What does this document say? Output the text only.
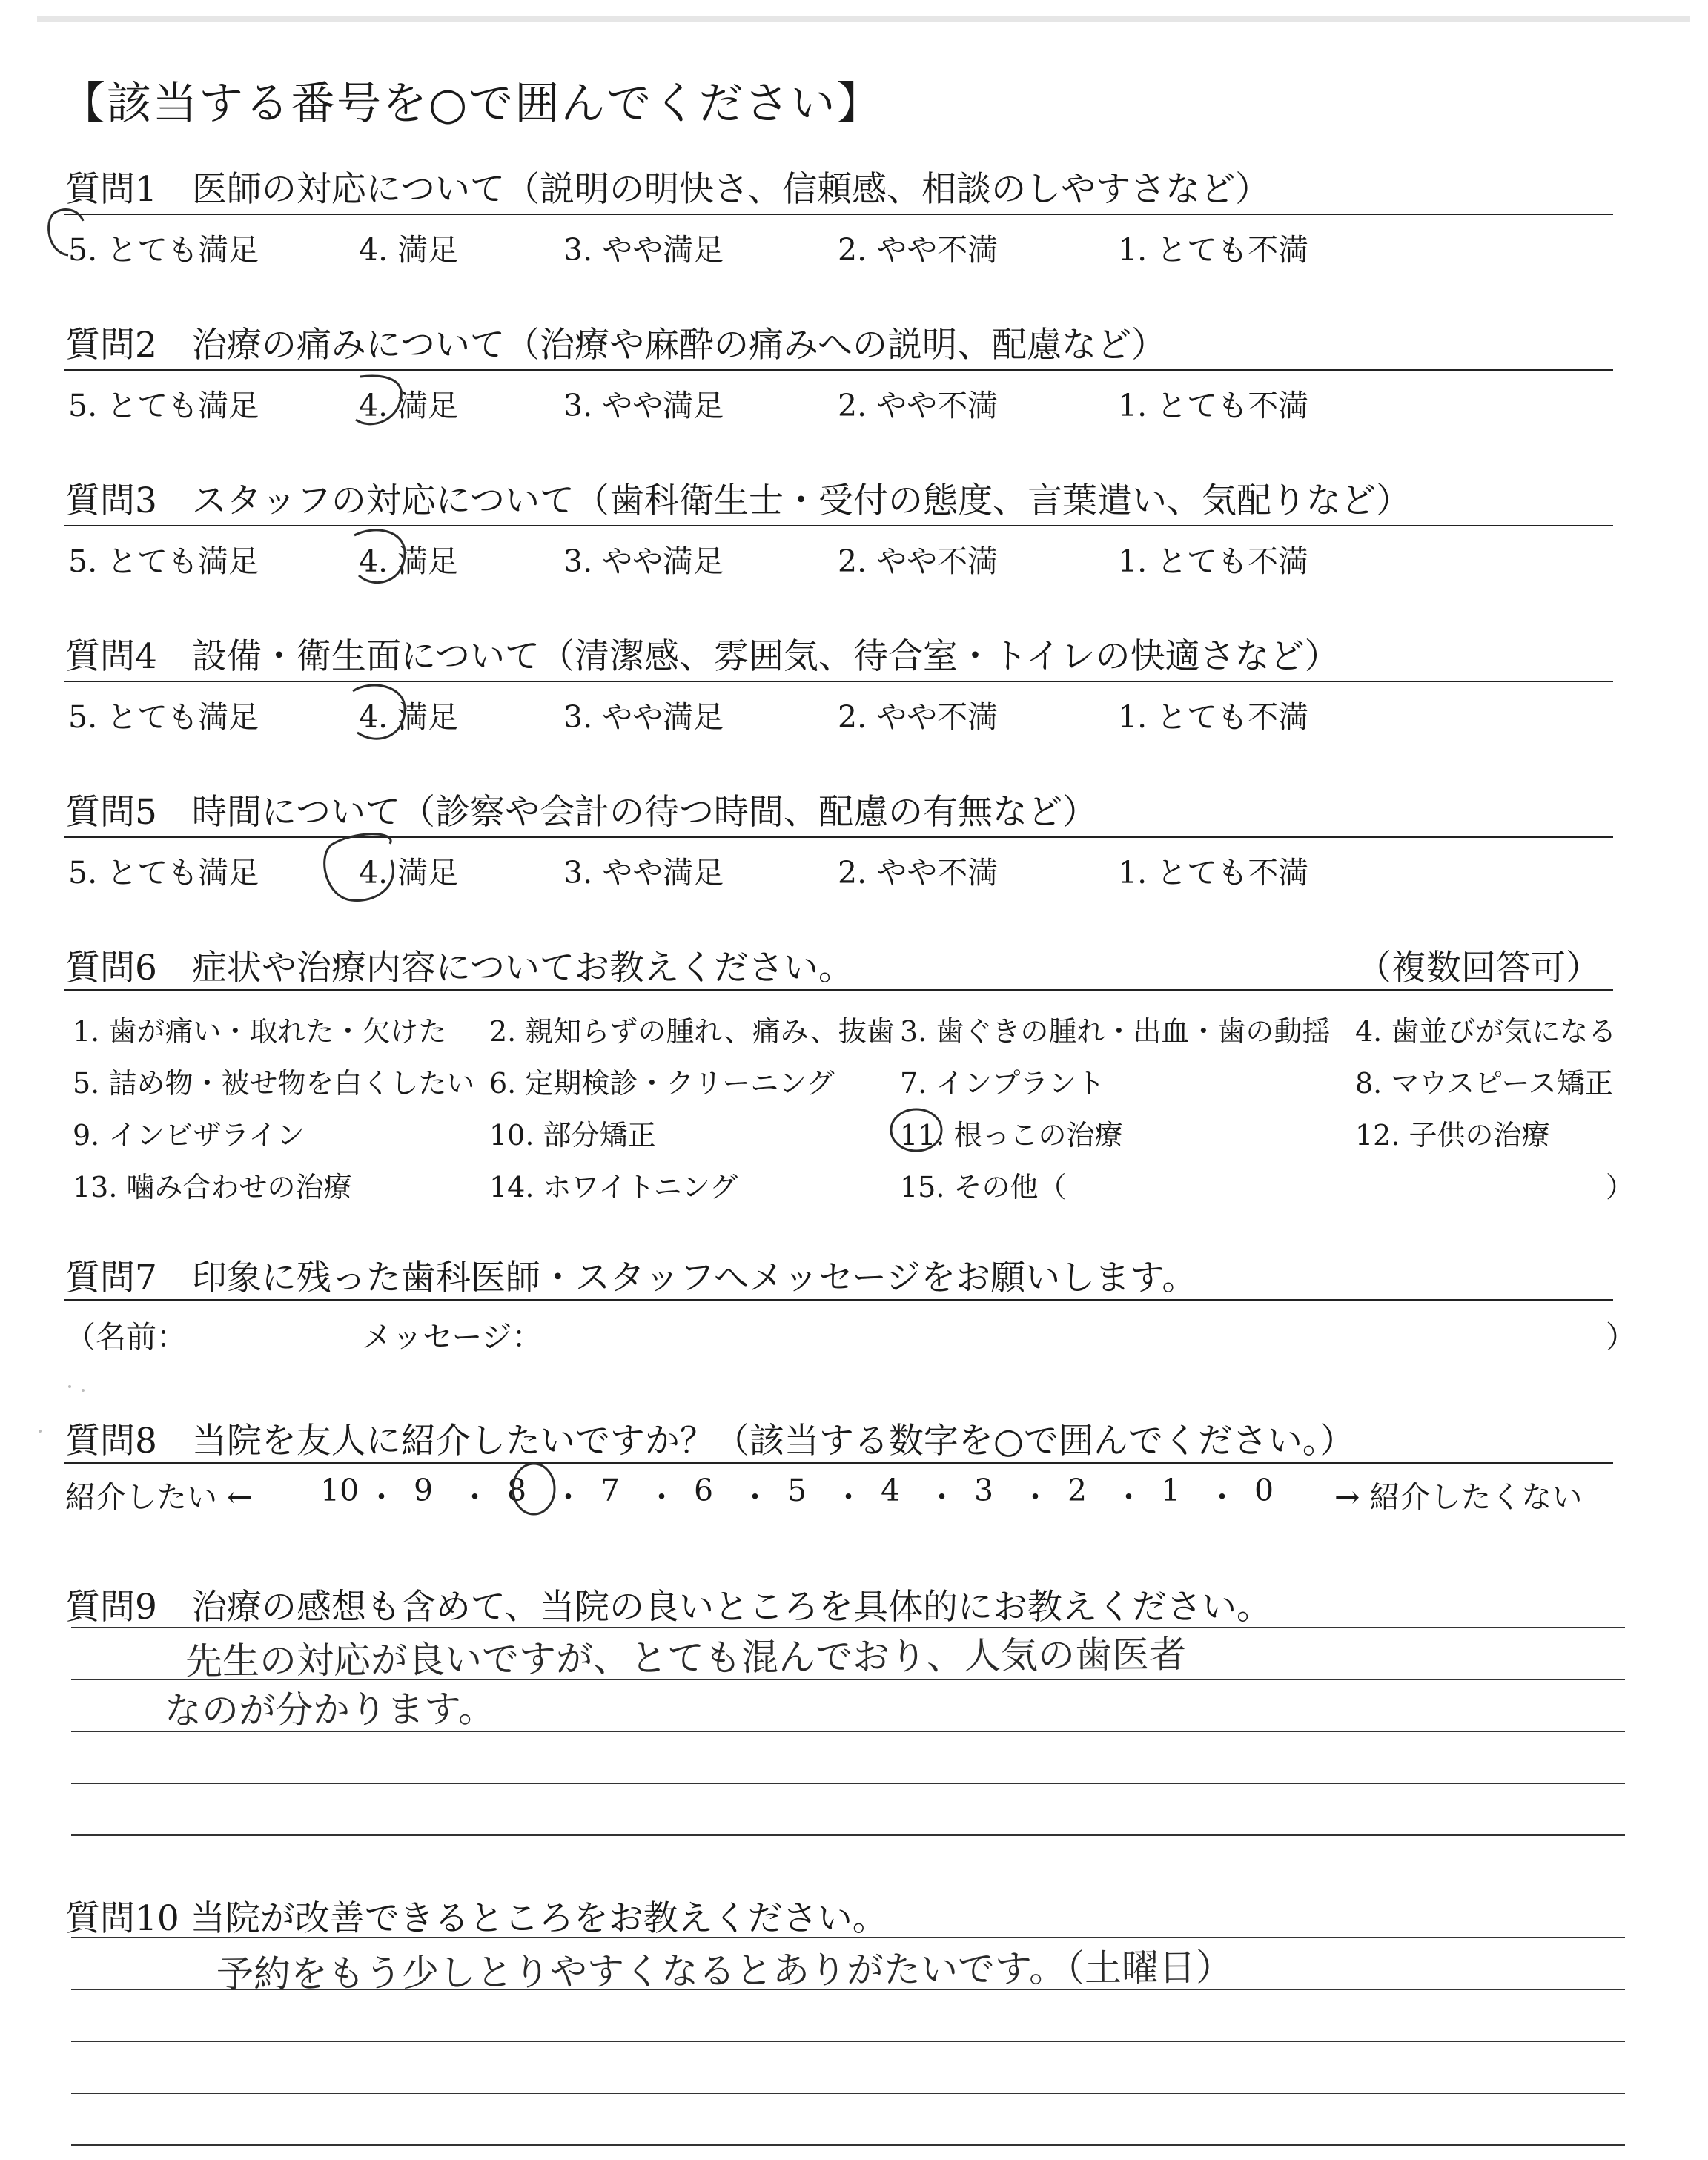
【該当する番号を○で囲んでください】
質問1　 医師の対応について（説明の明快さ、信頼感、相談のしやすさなど）
5. とても満足	4. 満足	3. やや満足	2. やや不満	1. とても不満
質問2　 治療の痛みについて（治療や麻酔の痛みへの説明、配慮など）
5. とても満足	4. 満足	3. やや満足	2. やや不満	1. とても不満
質問3　 スタッフの対応について（歯科衛生士・受付の態度、言葉遣い、気配りなど）
5. とても満足	4. 満足	3. やや満足	2. やや不満	1. とても不満
質問4　 設備・衛生面について（清潔感、雰囲気、待合室・トイレの快適さなど）
5. とても満足	4. 満足	3. やや満足	2. やや不満	1. とても不満
質問5　 時間について（診察や会計の待つ時間、配慮の有無など）
5. とても満足	4. 満足	3. やや満足	2. やや不満	1. とても不満
質問6　 症状や治療内容についてお教えください。	（複数回答可）
1. 歯が痛い・取れた・欠けた 2. 親知らずの腫れ、痛み、抜歯 3. 歯ぐきの腫れ・出血・歯の動揺 4. 歯並びが気になる
5. 詰め物・被せ物を白くしたい 6. 定期検診・クリーニング 7. インプラント	8. マウスピース矯正
9. インビザライン	10. 部分矯正	11. 根っこの治療	12. 子供の治療
13. 噛み合わせの治療	14. ホワイトニング	15. その他（	）
質問7　 印象に残った歯科医師・スタッフへメッセージをお願いします。
（名前：	メッセージ：	）
質問8　 当院を友人に紹介したいですか？（該当する数字を○で囲んでください。）
紹介したい ←	→ 紹介したくない
10 ・ 9 ・ 8 ・ 7 ・ 6 ・ 5 ・ 4 ・ 3 ・ 2 ・ 1 ・ 0
質問9　 治療の感想も含めて、当院の良いところを具体的にお教えください。
先生の対応が良いですが、とても混んでおり、人気の歯医者
なのが分かります。
質問10 当院が改善できるところをお教えください。
予約をもう少しとりやすくなるとありがたいです。（土曜日）
